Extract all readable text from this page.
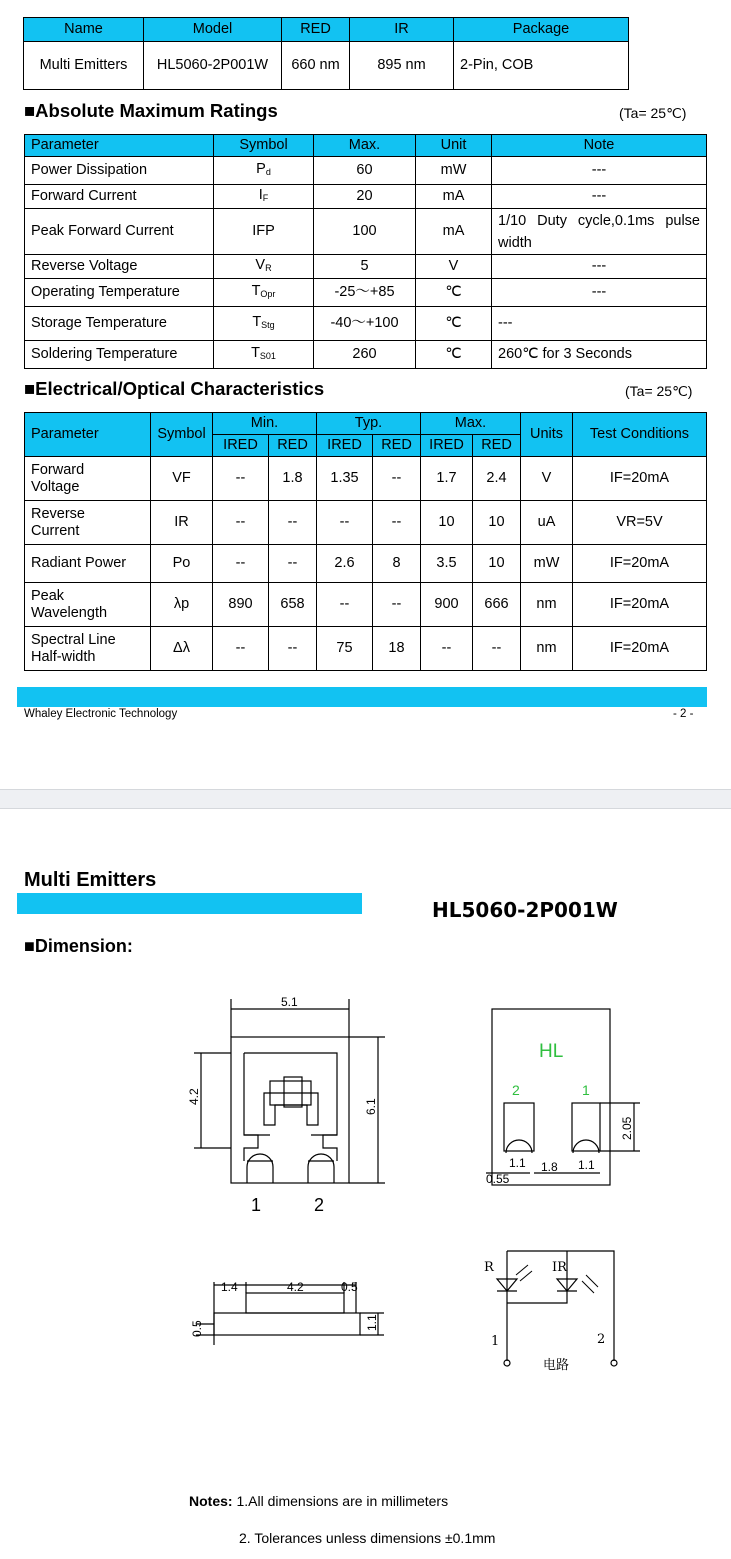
Name	Model	RED	IR	Package
Multi Emitters	HL5060-2P001W	660 nm	895 nm	2-Pin, COB
■Absolute Maximum Ratings	(Ta= 25℃)
Parameter	Symbol	Max.	Unit	Note
Power Dissipation	$P_d$	60	mW	---
Forward Current	$I_F$	20	mA	---
Peak Forward Current	IFP	100	mA	1/10 Duty cycle,0.1ms pulse width
Reverse Voltage	$V_R$	5	V	---
Operating Temperature	$T_{Opr}$	-25～+85	℃	---
Storage Temperature	$T_{Stg}$	-40～+100	℃	---
Soldering Temperature	$T_{S01}$	260	℃	260℃ for 3 Seconds
■Electrical/Optical Characteristics	(Ta= 25℃)
Parameter	Symbol	Min.		Typ.		Max.		Units	Test Conditions
		IRED	RED	IRED	RED	IRED	RED		
Forward
Voltage	VF	--	1.8	1.35	--	1.7	2.4	V	IF=20mA
Reverse
Current	IR	--	--	--	--	10	10	uA	VR=5V
Radiant Power	Po	--	--	2.6	8	3.5	10	mW	IF=20mA
Peak
Wavelength	λp	890	658	--	--	900	666	nm	IF=20mA
Spectral Line
Half-width	Δλ	--	--	75	18	--	--	nm	IF=20mA
Whaley Electronic Technology	- 2 -
Multi Emitters
HL5060-2P001W
■Dimension:
5.1
4.2
6.1
2.05
0.55
1.1 1.8 1.1
1.4	4.2	0.5
0.5	1.1
1	2
HL
2	1
R	IR
1	2
电路
Notes: 1.All dimensions are in millimeters
2. Tolerances unless dimensions ±0.1mm
